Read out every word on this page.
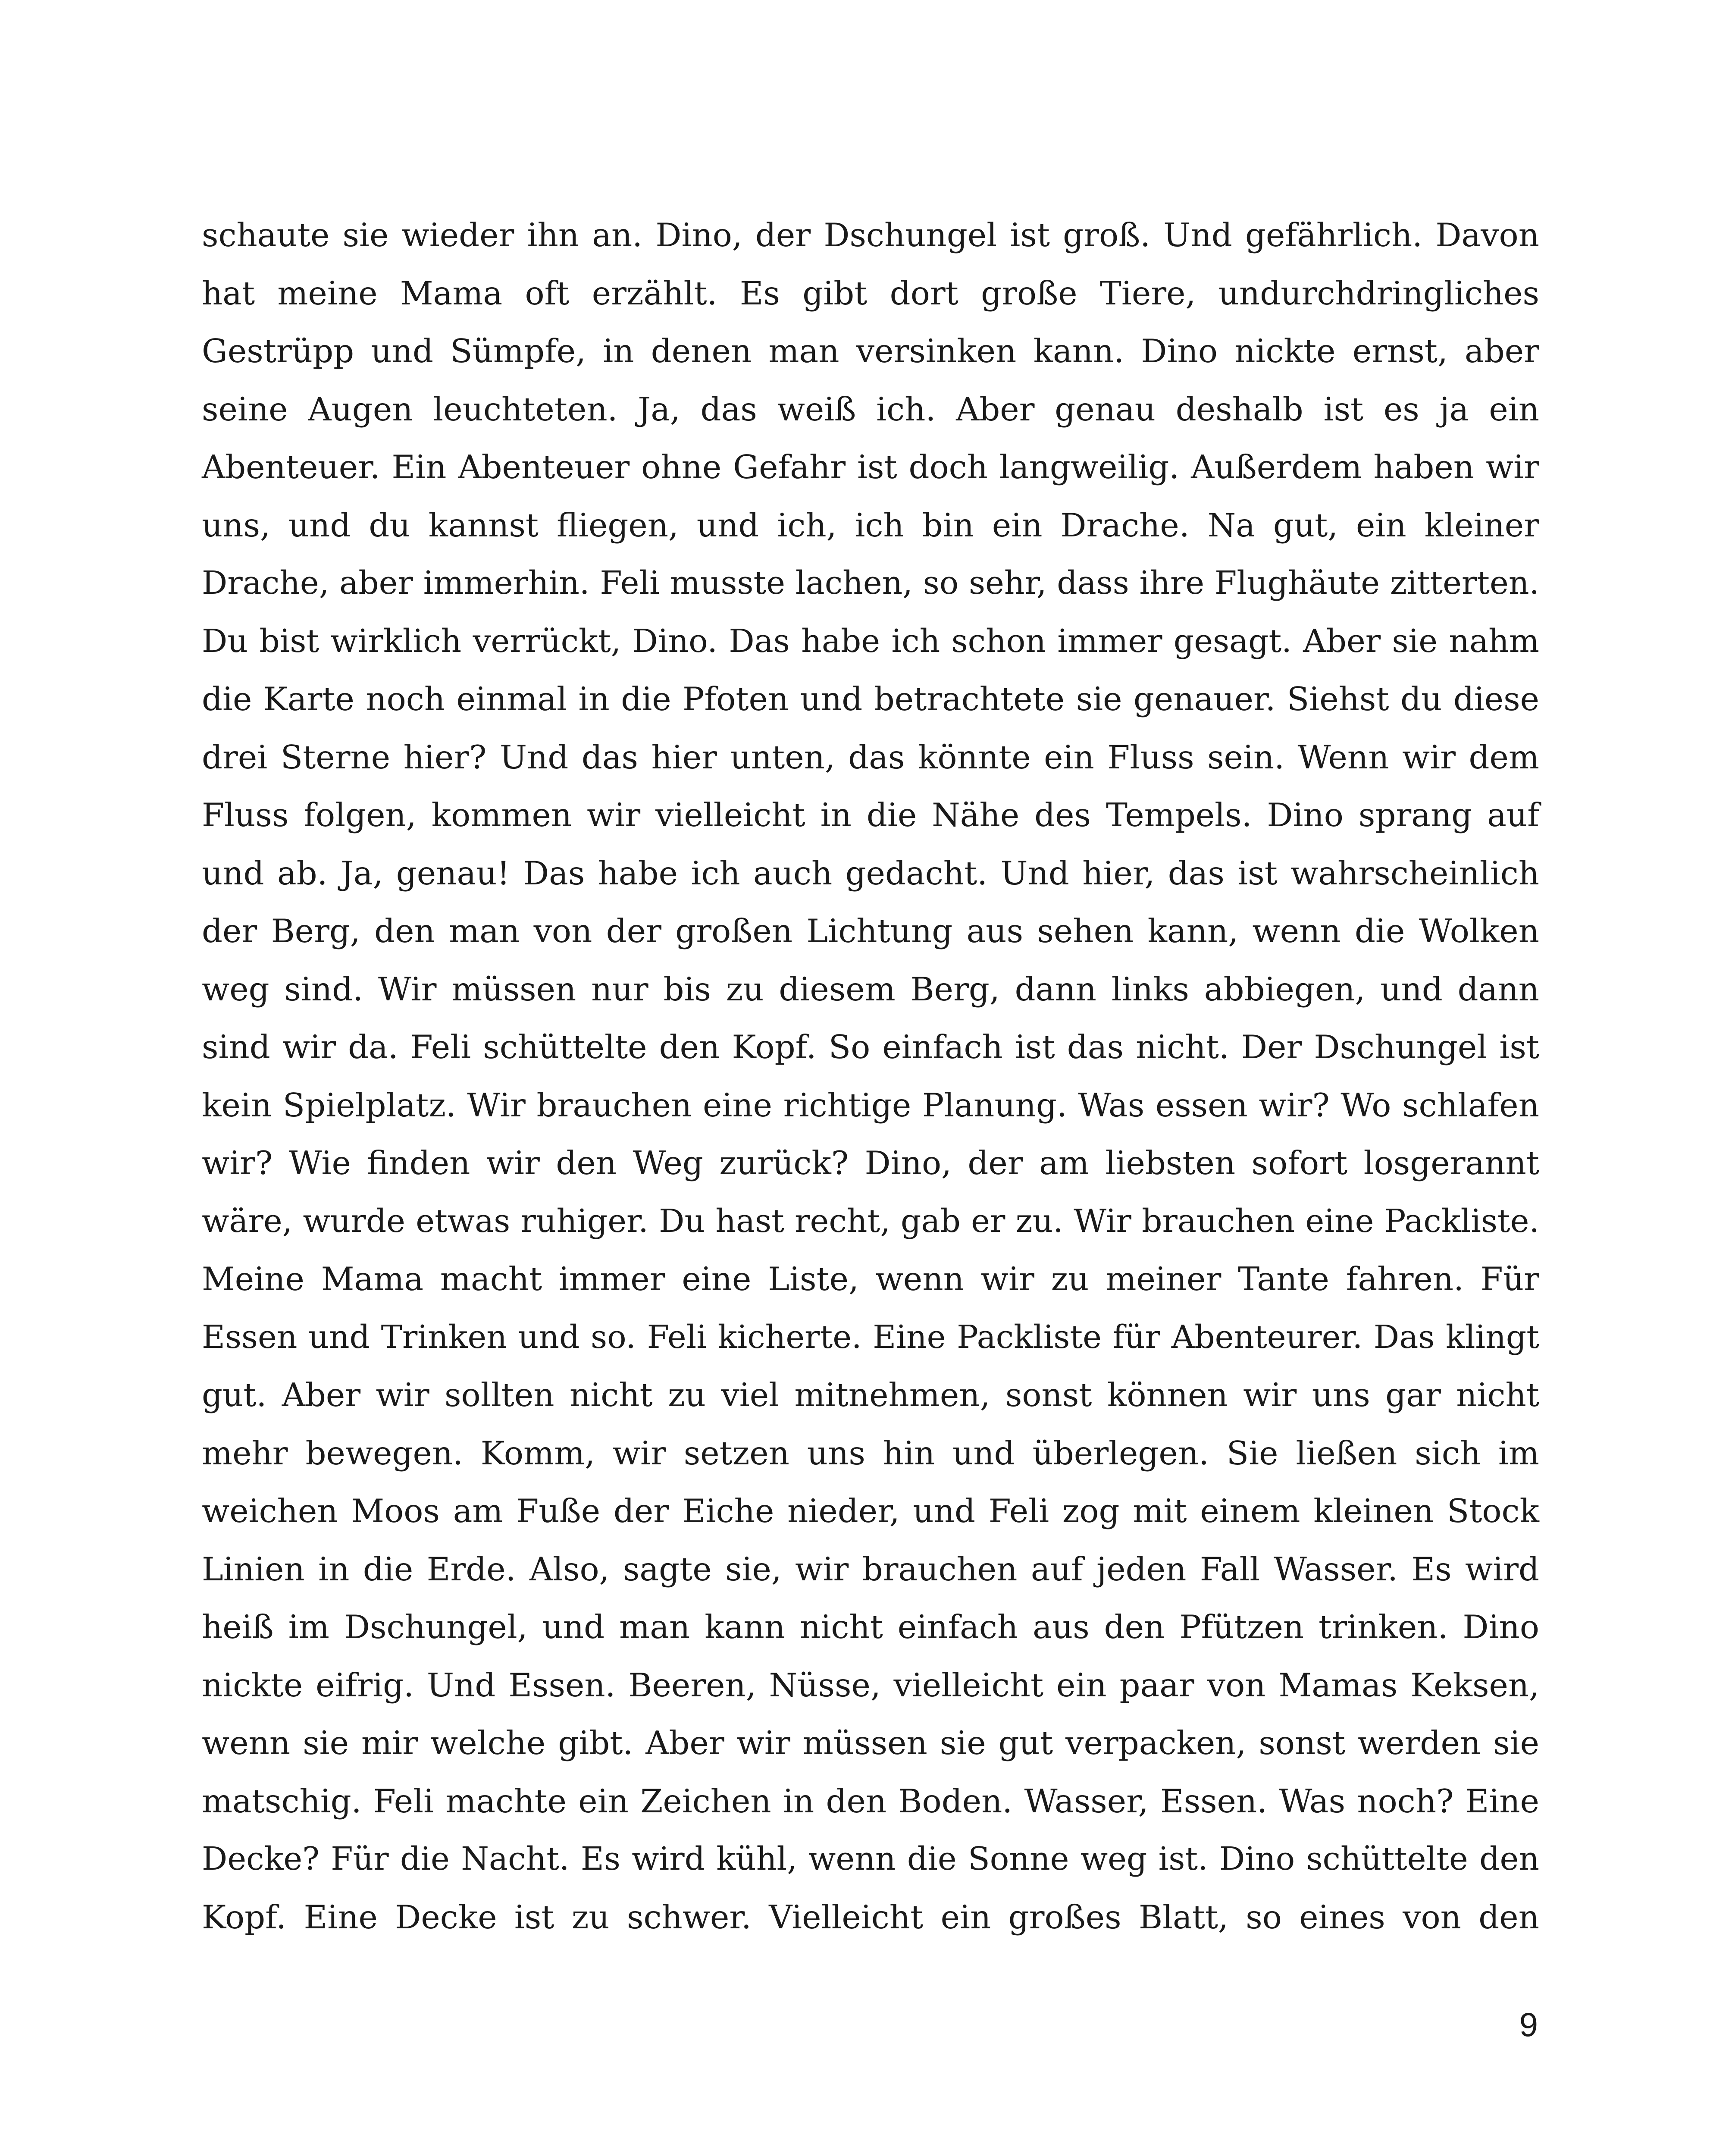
schaute sie wieder ihn an. Dino, der Dschungel ist groß. Und gefährlich. Davon
hat meine Mama oft erzählt. Es gibt dort große Tiere, undurchdringliches
Gestrüpp und Sümpfe, in denen man versinken kann. Dino nickte ernst, aber
seine Augen leuchteten. Ja, das weiß ich. Aber genau deshalb ist es ja ein
Abenteuer. Ein Abenteuer ohne Gefahr ist doch langweilig. Außerdem haben wir
uns, und du kannst fliegen, und ich, ich bin ein Drache. Na gut, ein kleiner
Drache, aber immerhin. Feli musste lachen, so sehr, dass ihre Flughäute zitterten.
Du bist wirklich verrückt, Dino. Das habe ich schon immer gesagt. Aber sie nahm
die Karte noch einmal in die Pfoten und betrachtete sie genauer. Siehst du diese
drei Sterne hier? Und das hier unten, das könnte ein Fluss sein. Wenn wir dem
Fluss folgen, kommen wir vielleicht in die Nähe des Tempels. Dino sprang auf
und ab. Ja, genau! Das habe ich auch gedacht. Und hier, das ist wahrscheinlich
der Berg, den man von der großen Lichtung aus sehen kann, wenn die Wolken
weg sind. Wir müssen nur bis zu diesem Berg, dann links abbiegen, und dann
sind wir da. Feli schüttelte den Kopf. So einfach ist das nicht. Der Dschungel ist
kein Spielplatz. Wir brauchen eine richtige Planung. Was essen wir? Wo schlafen
wir? Wie finden wir den Weg zurück? Dino, der am liebsten sofort losgerannt
wäre, wurde etwas ruhiger. Du hast recht, gab er zu. Wir brauchen eine Packliste.
Meine Mama macht immer eine Liste, wenn wir zu meiner Tante fahren. Für
Essen und Trinken und so. Feli kicherte. Eine Packliste für Abenteurer. Das klingt
gut. Aber wir sollten nicht zu viel mitnehmen, sonst können wir uns gar nicht
mehr bewegen. Komm, wir setzen uns hin und überlegen. Sie ließen sich im
weichen Moos am Fuße der Eiche nieder, und Feli zog mit einem kleinen Stock
Linien in die Erde. Also, sagte sie, wir brauchen auf jeden Fall Wasser. Es wird
heiß im Dschungel, und man kann nicht einfach aus den Pfützen trinken. Dino
nickte eifrig. Und Essen. Beeren, Nüsse, vielleicht ein paar von Mamas Keksen,
wenn sie mir welche gibt. Aber wir müssen sie gut verpacken, sonst werden sie
matschig. Feli machte ein Zeichen in den Boden. Wasser, Essen. Was noch? Eine
Decke? Für die Nacht. Es wird kühl, wenn die Sonne weg ist. Dino schüttelte den
Kopf. Eine Decke ist zu schwer. Vielleicht ein großes Blatt, so eines von den

9
